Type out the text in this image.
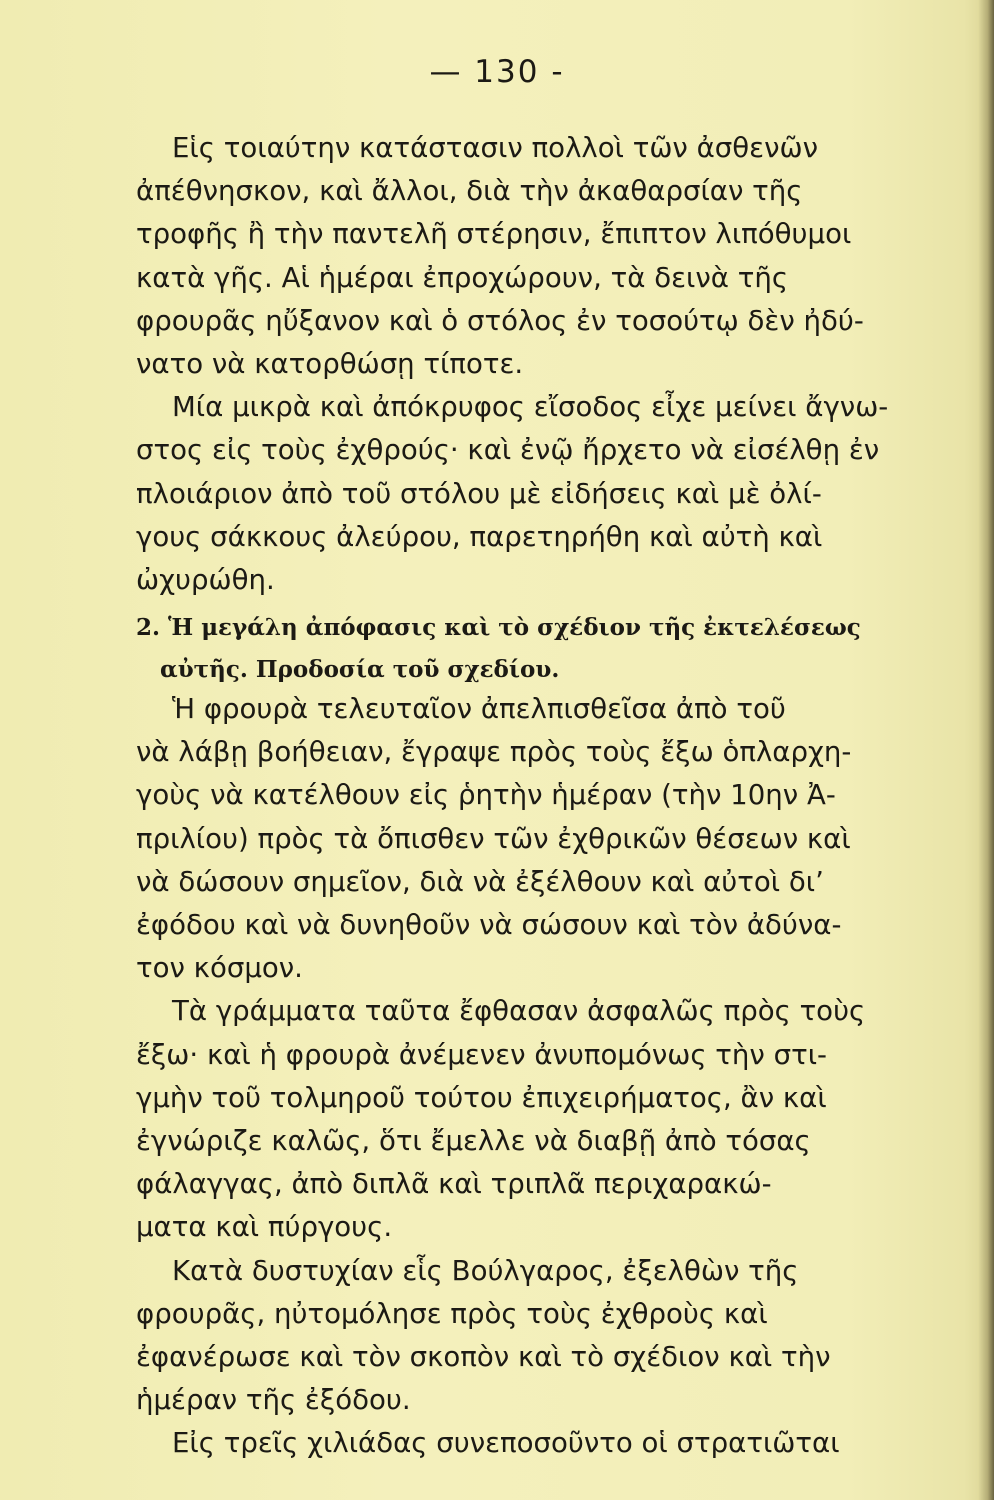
— 130 -

Εἱς τοιαύτην κατάστασιν πολλοὶ τῶν ἀσθενῶν
ἀπέθνησκον, καὶ ἄλλοι, διὰ τὴν ἀκαθαρσίαν τῆς
τροφῆς ἢ τὴν παντελῆ στέρησιν, ἔπιπτον λιπόθυμοι
κατὰ γῆς. Αἱ ἡμέραι ἐπροχώρουν, τὰ δεινὰ τῆς
φρουρᾶς ηὔξανον καὶ ὁ στόλος ἐν τοσούτῳ δὲν ἠδύ-
νατο νὰ κατορθώσῃ τίποτε.

Μία μικρὰ καὶ ἀπόκρυφος εἴσοδος εἶχε μείνει ἄγνω-
στος εἰς τοὺς ἐχθρούς· καὶ ἐνῷ ἤρχετο νὰ εἰσέλθῃ ἐν
πλοιάριον ἀπὸ τοῦ στόλου μὲ εἰδήσεις καὶ μὲ ὀλί-
γους σάκκους ἀλεύρου, παρετηρήθη καὶ αὐτὴ καὶ
ὠχυρώθη.

2. Ἡ μεγάλη ἀπόφασις καὶ τὸ σχέδιον τῆς ἐκτελέσεως
αὐτῆς. Προδοσία τοῦ σχεδίου.

Ἡ φρουρὰ τελευταῖον ἀπελπισθεῖσα ἀπὸ τοῦ
νὰ λάβῃ βοήθειαν, ἔγραψε πρὸς τοὺς ἔξω ὁπλαρχη-
γοὺς νὰ κατέλθουν εἰς ῥητὴν ἡμέραν (τὴν 10ην Ἀ-
πριλίου) πρὸς τὰ ὄπισθεν τῶν ἐχθρικῶν θέσεων καὶ
νὰ δώσουν σημεῖον, διὰ νὰ ἐξέλθουν καὶ αὐτοὶ δι’
ἐφόδου καὶ νὰ δυνηθοῦν νὰ σώσουν καὶ τὸν ἀδύνα-
τον κόσμον.

Τὰ γράμματα ταῦτα ἔφθασαν ἀσφαλῶς πρὸς τοὺς
ἔξω· καὶ ἡ φρουρὰ ἀνέμενεν ἀνυπομόνως τὴν στι-
γμὴν τοῦ τολμηροῦ τούτου ἐπιχειρήματος, ἂν καὶ
ἐγνώριζε καλῶς, ὅτι ἔμελλε νὰ διαβῇ ἀπὸ τόσας
φάλαγγας, ἀπὸ διπλᾶ καὶ τριπλᾶ περιχαρακώ-
ματα καὶ πύργους.

Κατὰ δυστυχίαν εἷς Βούλγαρος, ἐξελθὼν τῆς
φρουρᾶς, ηὐτομόλησε πρὸς τοὺς ἐχθροὺς καὶ
ἐφανέρωσε καὶ τὸν σκοπὸν καὶ τὸ σχέδιον καὶ τὴν
ἡμέραν τῆς ἐξόδου.

Εἰς τρεῖς χιλιάδας συνεποσοῦντο οἱ στρατιῶται
